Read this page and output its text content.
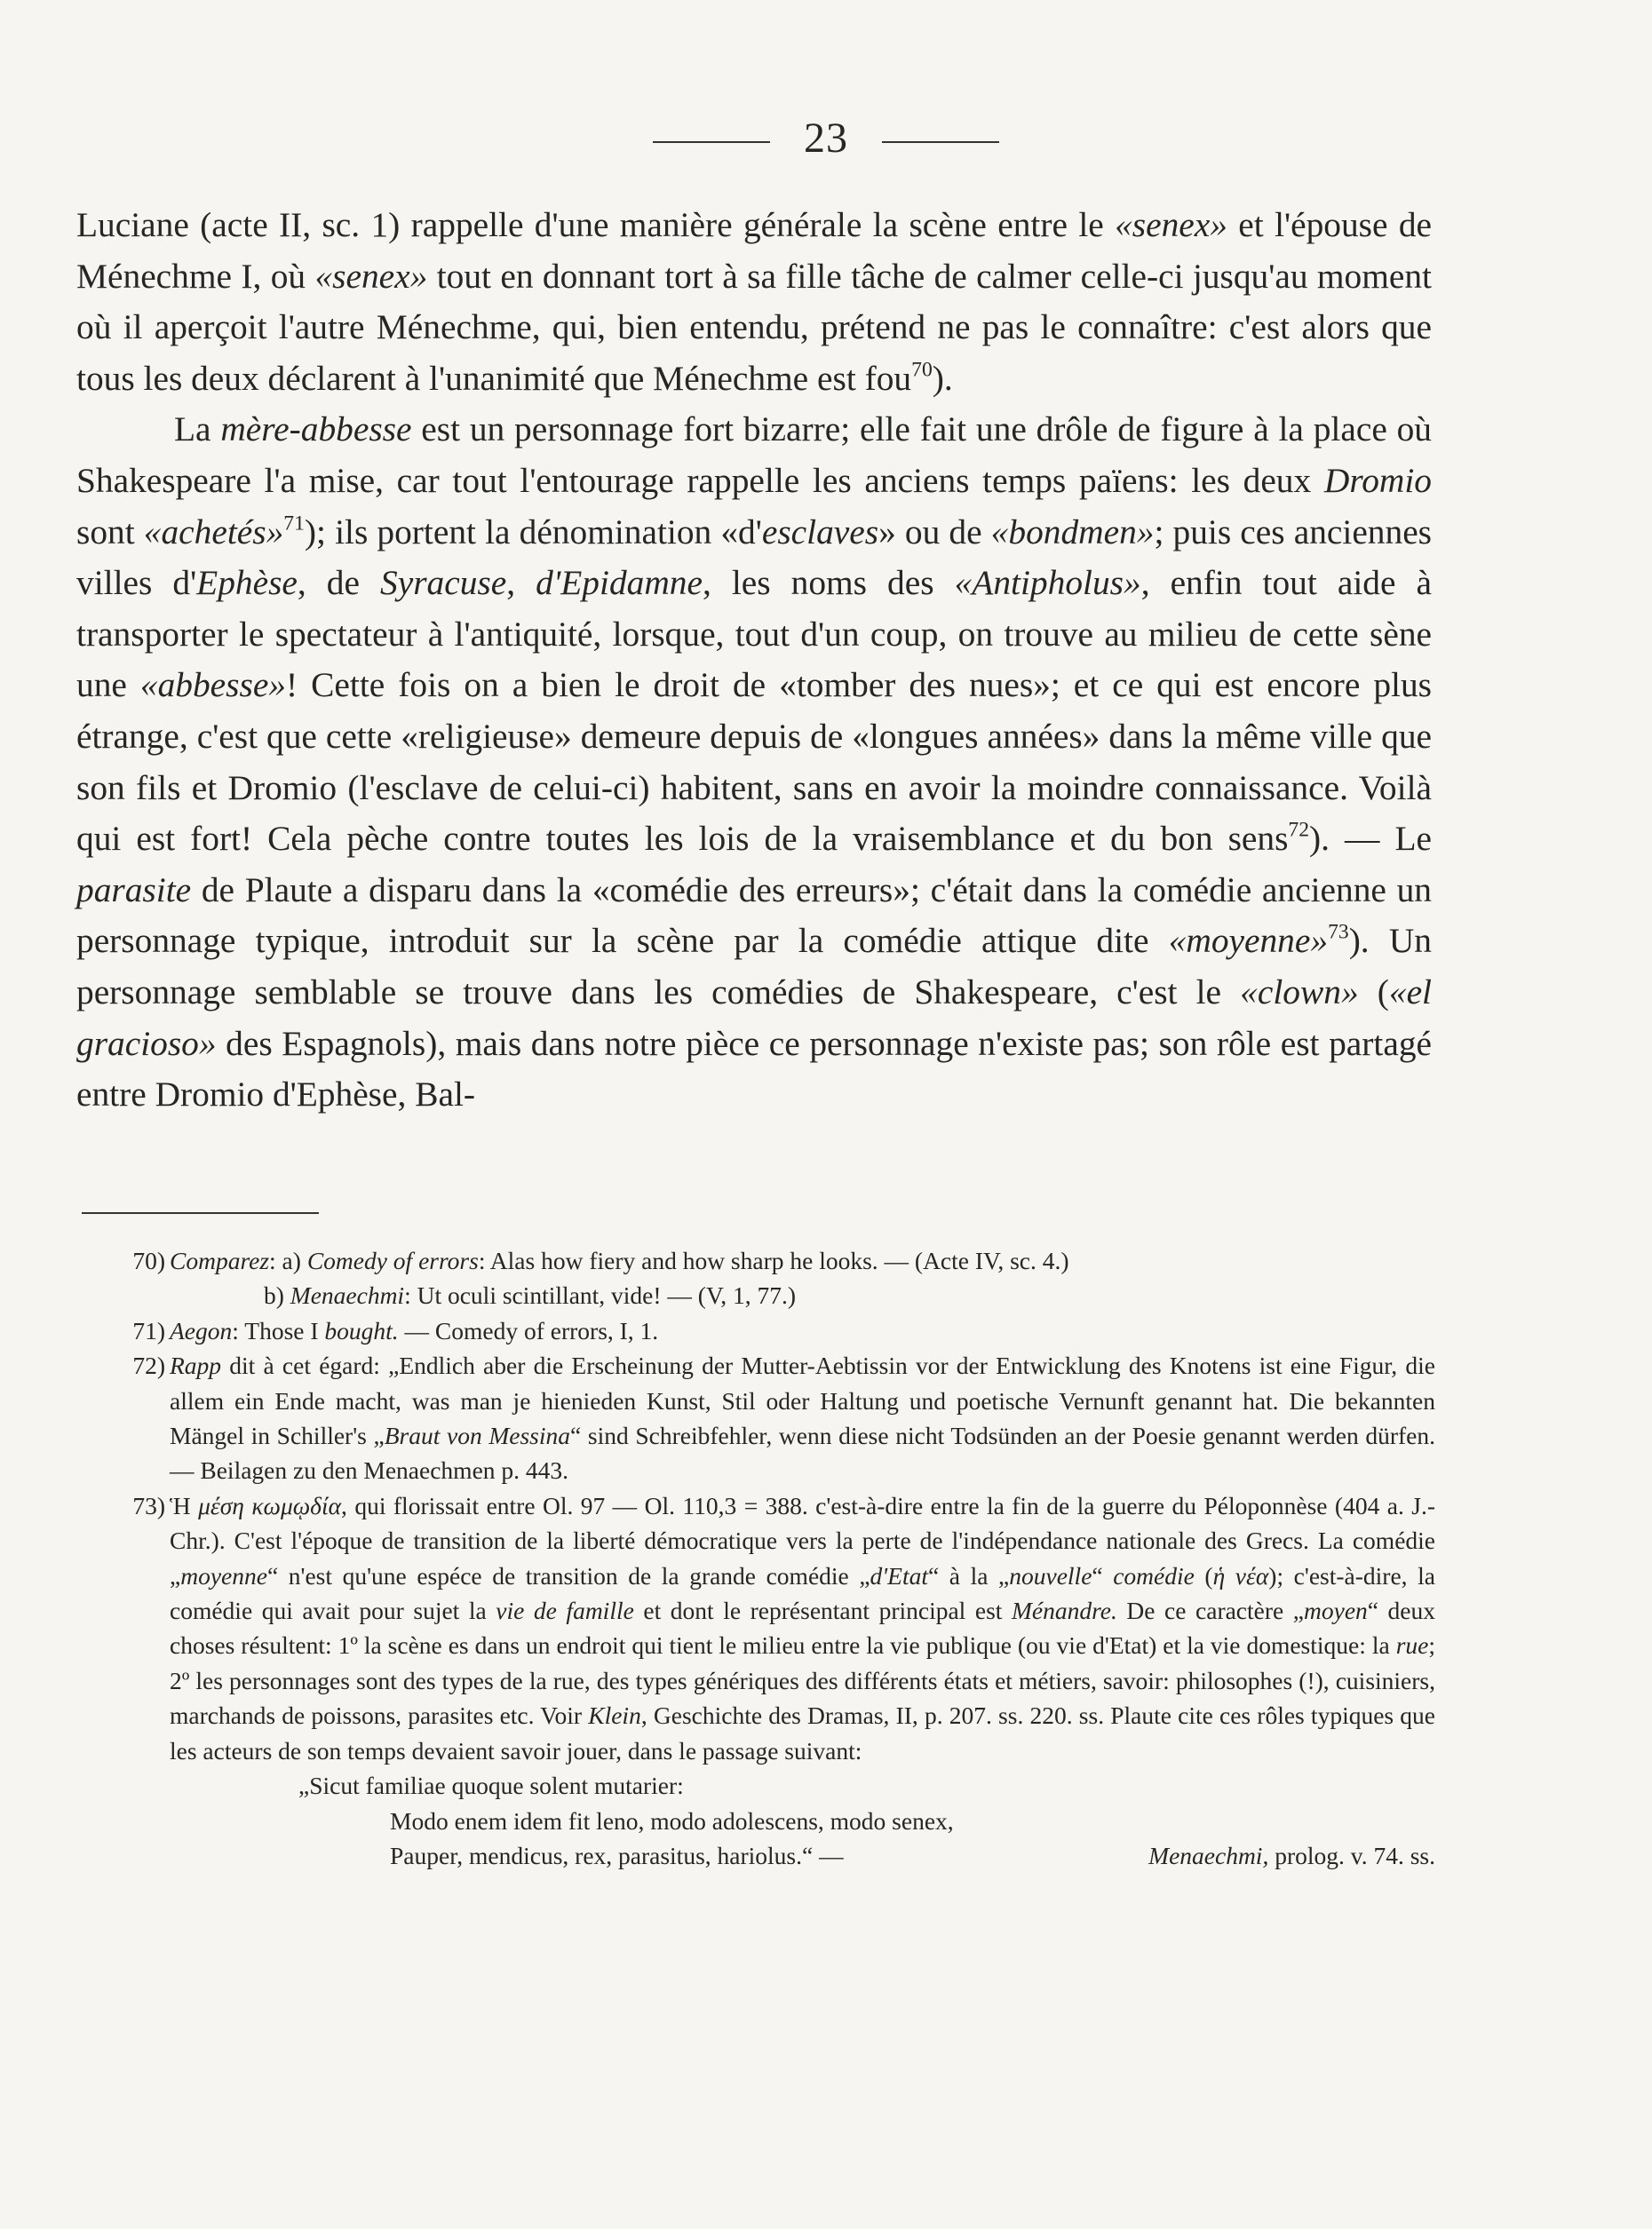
23

Luciane (acte II, sc. 1) rappelle d'une manière générale la scène entre le «senex» et l'épouse de Ménechme I, où «senex» tout en donnant tort à sa fille tâche de calmer celle-ci jusqu'au moment où il aperçoit l'autre Ménechme, qui, bien entendu, prétend ne pas le connaître: c'est alors que tous les deux déclarent à l'unanimité que Ménechme est fou$^{70}$).

La mère-abbesse est un personnage fort bizarre; elle fait une drôle de figure à la place où Shakespeare l'a mise, car tout l'entourage rappelle les anciens temps païens: les deux Dromio sont «achetés»$^{71}$); ils portent la dénomination «d'esclaves» ou de «bondmen»; puis ces anciennes villes d'Ephèse, de Syracuse, d'Epidamne, les noms des «Antipholus», enfin tout aide à transporter le spectateur à l'antiquité, lorsque, tout d'un coup, on trouve au milieu de cette sène une «abbesse»! Cette fois on a bien le droit de «tomber des nues»; et ce qui est encore plus étrange, c'est que cette «religieuse» demeure depuis de «longues années» dans la même ville que son fils et Dromio (l'esclave de celui-ci) habitent, sans en avoir la moindre connaissance. Voilà qui est fort! Cela pèche contre toutes les lois de la vraisemblance et du bon sens$^{72}$). — Le parasite de Plaute a disparu dans la «comédie des erreurs»; c'était dans la comédie ancienne un personnage typique, introduit sur la scène par la comédie attique dite «moyenne»$^{73}$). Un personnage semblable se trouve dans les comédies de Shakespeare, c'est le «clown» («el gracioso» des Espagnols), mais dans notre pièce ce personnage n'existe pas; son rôle est partagé entre Dromio d'Ephèse, Bal-

70) Comparez: a) Comedy of errors: Alas how fiery and how sharp he looks. — (Acte IV, sc. 4.)
b) Menaechmi: Ut oculi scintillant, vide! — (V, 1, 77.)
71) Aegon: Those I bought. — Comedy of errors, I, 1.
72) Rapp dit à cet égard: „Endlich aber die Erscheinung der Mutter-Aebtissin vor der Entwicklung des Knotens ist eine Figur, die allem ein Ende macht, was man je hienieden Kunst, Stil oder Haltung und poetische Vernunft genannt hat. Die bekannten Mängel in Schiller's „Braut von Messina“ sind Schreibfehler, wenn diese nicht Todsünden an der Poesie genannt werden dürfen. — Beilagen zu den Menaechmen p. 443.
73) Ἡ μέση κωμῳδία, qui florissait entre Ol. 97 — Ol. 110,3 = 388. c'est-à-dire entre la fin de la guerre du Péloponnèse (404 a. J.-Chr.). C'est l'époque de transition de la liberté démocratique vers la perte de l'indépendance nationale des Grecs. La comédie „moyenne“ n'est qu'une espéce de transition de la grande comédie „d'Etat“ à la „nouvelle“ comédie (ἡ νέα); c'est-à-dire, la comédie qui avait pour sujet la vie de famille et dont le représentant principal est Ménandre. De ce caractère „moyen“ deux choses résultent: 1º la scène es dans un endroit qui tient le milieu entre la vie publique (ou vie d'Etat) et la vie domestique: la rue; 2º les personnages sont des types de la rue, des types génériques des différents états et métiers, savoir: philosophes (!), cuisiniers, marchands de poissons, parasites etc. Voir Klein, Geschichte des Dramas, II, p. 207. ss. 220. ss. Plaute cite ces rôles typiques que les acteurs de son temps devaient savoir jouer, dans le passage suivant:
„Sicut familiae quoque solent mutarier:
Modo enem idem fit leno, modo adolescens, modo senex,
Pauper, mendicus, rex, parasitus, hariolus.“ —	Menaechmi, prolog. v. 74. ss.
